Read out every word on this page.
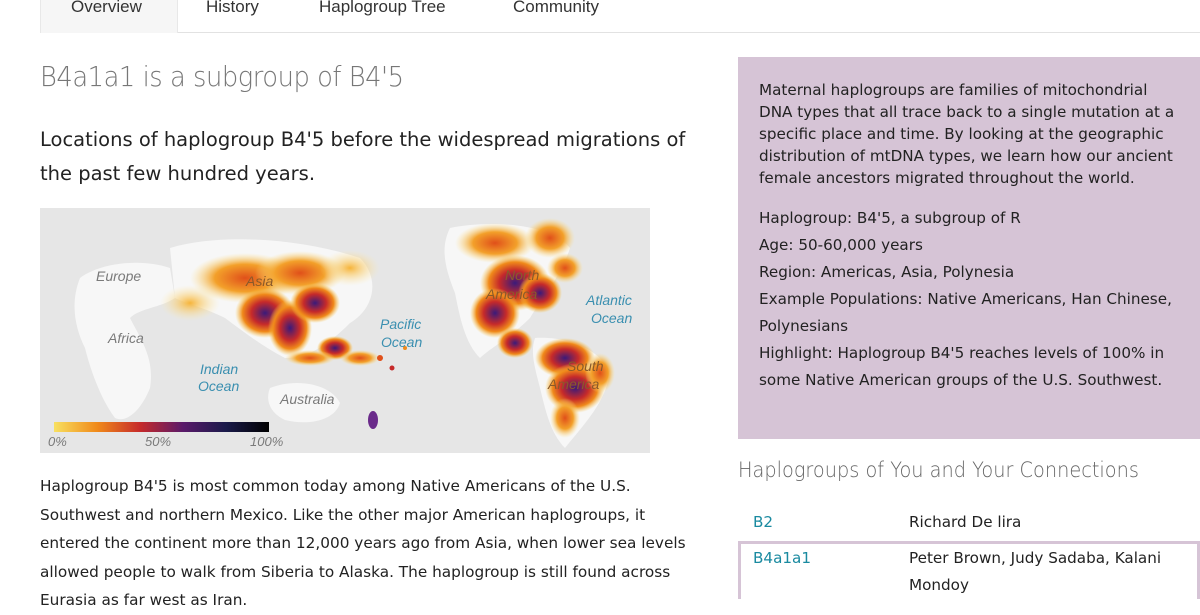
Overview	History	Haplogroup Tree	Community
B4a1a1 is a subgroup of B4'5
Locations of haplogroup B4'5 before the widespread migrations of the past few hundred years.
Europe	Asia
Africa
Indian
Ocean
Australia
Pacific
Ocean
North
America	Atlantic
Ocean
South
America
0%	50%	100%

Haplogroup B4'5 is most common today among Native Americans of the U.S. Southwest and northern Mexico. Like the other major American haplogroups, it entered the continent more than 12,000 years ago from Asia, when lower sea levels allowed people to walk from Siberia to Alaska. The haplogroup is still found across Eurasia as far west as Iran.

Maternal haplogroups are families of mitochondrial DNA types that all trace back to a single mutation at a specific place and time. By looking at the geographic distribution of mtDNA types, we learn how our ancient female ancestors migrated throughout the world.

Haplogroup: B4'5, a subgroup of R

Age: 50-60,000 years

Region: Americas, Asia, Polynesia

Example Populations: Native Americans, Han Chinese, Polynesians

Highlight: Haplogroup B4'5 reaches levels of 100% in some Native American groups of the U.S. Southwest.

Haplogroups of You and Your Connections
B2	Richard De lira
B4a1a1	Peter Brown, Judy Sadaba, Kalani Mondoy
